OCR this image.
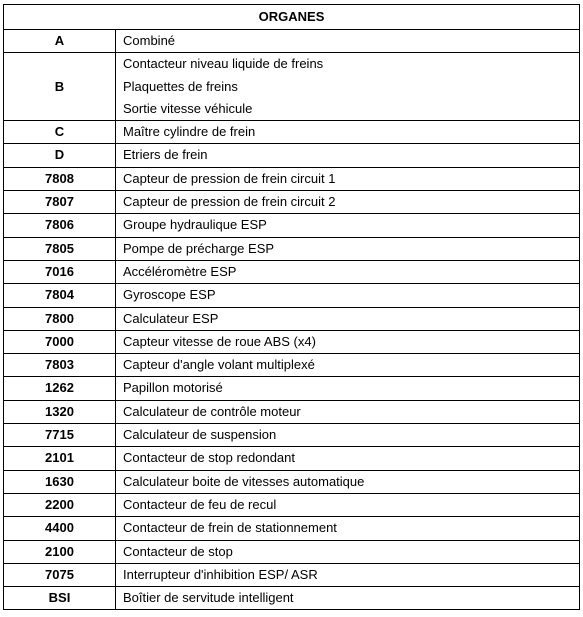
ORGANES	
A	Combiné

B	Contacteur niveau liquide de freins
Plaquettes de freins
Sortie vitesse véhicule

C	Maître cylindre de frein

D	Etriers de frein

7808	Capteur de pression de frein circuit 1

7807	Capteur de pression de frein circuit 2

7806	Groupe hydraulique ESP

7805	Pompe de précharge ESP

7016	Accéléromètre ESP

7804	Gyroscope ESP

7800	Calculateur ESP

7000	Capteur vitesse de roue ABS (x4)

7803	Capteur d'angle volant multiplexé

1262	Papillon motorisé

1320	Calculateur de contrôle moteur

7715	Calculateur de suspension

2101	Contacteur de stop redondant

1630	Calculateur boite de vitesses automatique

2200	Contacteur de feu de recul

4400	Contacteur de frein de stationnement

2100	Contacteur de stop

7075	Interrupteur d'inhibition ESP/ ASR

BSI	Boîtier de servitude intelligent
